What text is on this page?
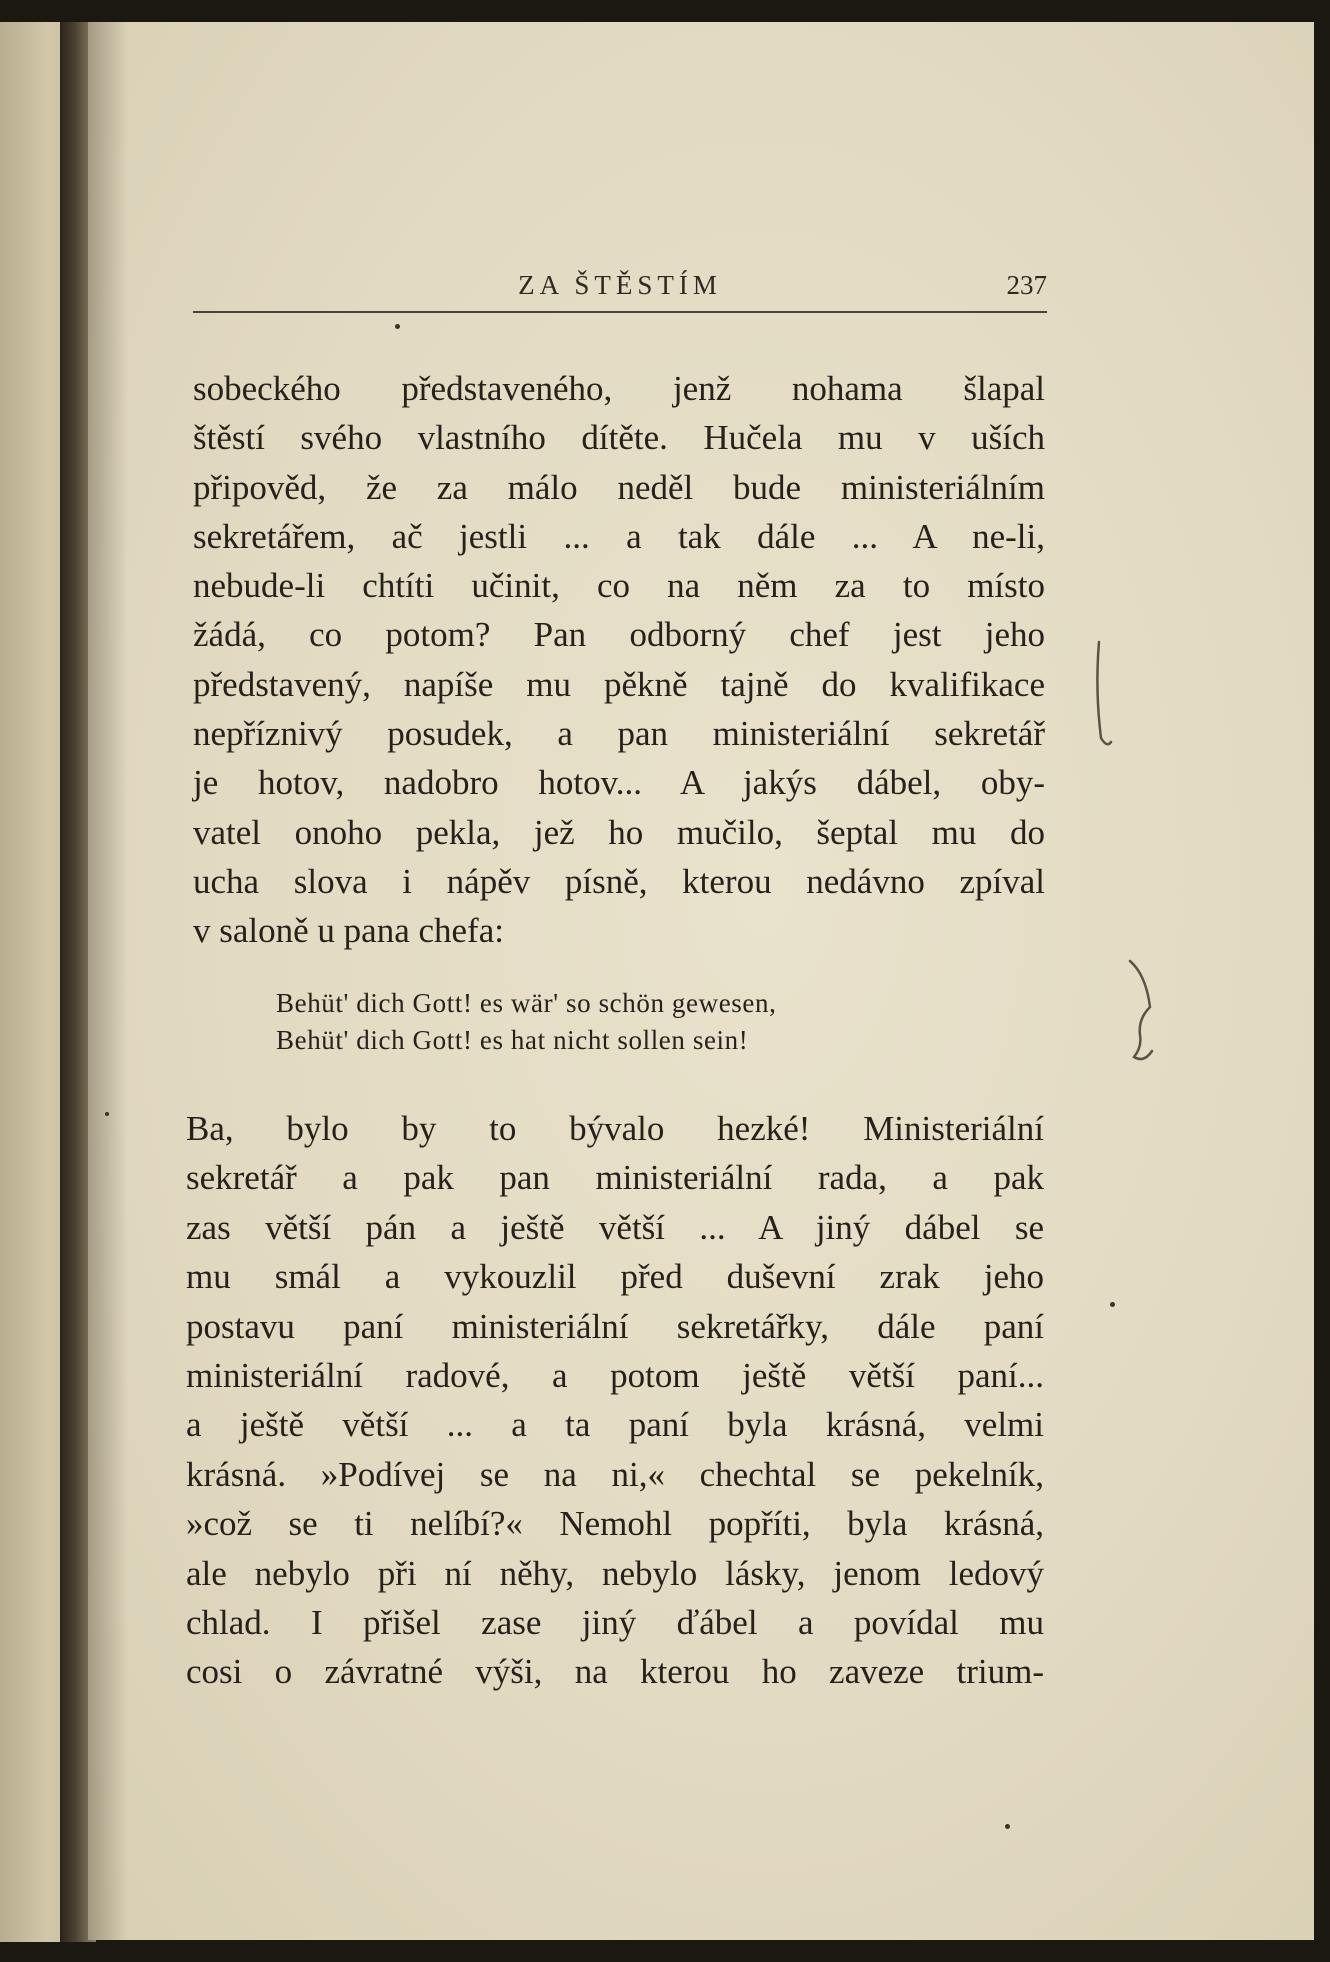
ZA ŠTĚSTÍM	237
sobeckého představeného, jenž nohama šlapal
štěstí svého vlastního dítěte. Hučela mu v uších
připověd, že za málo neděl bude ministeriálním
sekretářem, ač jestli ... a tak dále ... A ne-li,
nebude-li chtíti učinit, co na něm za to místo
žádá, co potom? Pan odborný chef jest jeho
představený, napíše mu pěkně tajně do kvalifikace
nepříznivý posudek, a pan ministeriální sekretář
je hotov, nadobro hotov... A jakýs dábel, oby-
vatel onoho pekla, jež ho mučilo, šeptal mu do
ucha slova i nápěv písně, kterou nedávno zpíval
v saloně u pana chefa:
Behüt' dich Gott! es wär' so schön gewesen,
Behüt' dich Gott! es hat nicht sollen sein!
Ba, bylo by to bývalo hezké! Ministeriální
sekretář a pak pan ministeriální rada, a pak
zas větší pán a ještě větší ... A jiný dábel se
mu smál a vykouzlil před duševní zrak jeho
postavu paní ministeriální sekretářky, dále paní
ministeriální radové, a potom ještě větší paní...
a ještě větší ... a ta paní byla krásná, velmi
krásná. »Podívej se na ni,« chechtal se pekelník,
»což se ti nelíbí?« Nemohl popříti, byla krásná,
ale nebylo při ní něhy, nebylo lásky, jenom ledový
chlad. I přišel zase jiný ďábel a povídal mu
cosi o závratné výši, na kterou ho zaveze trium-
